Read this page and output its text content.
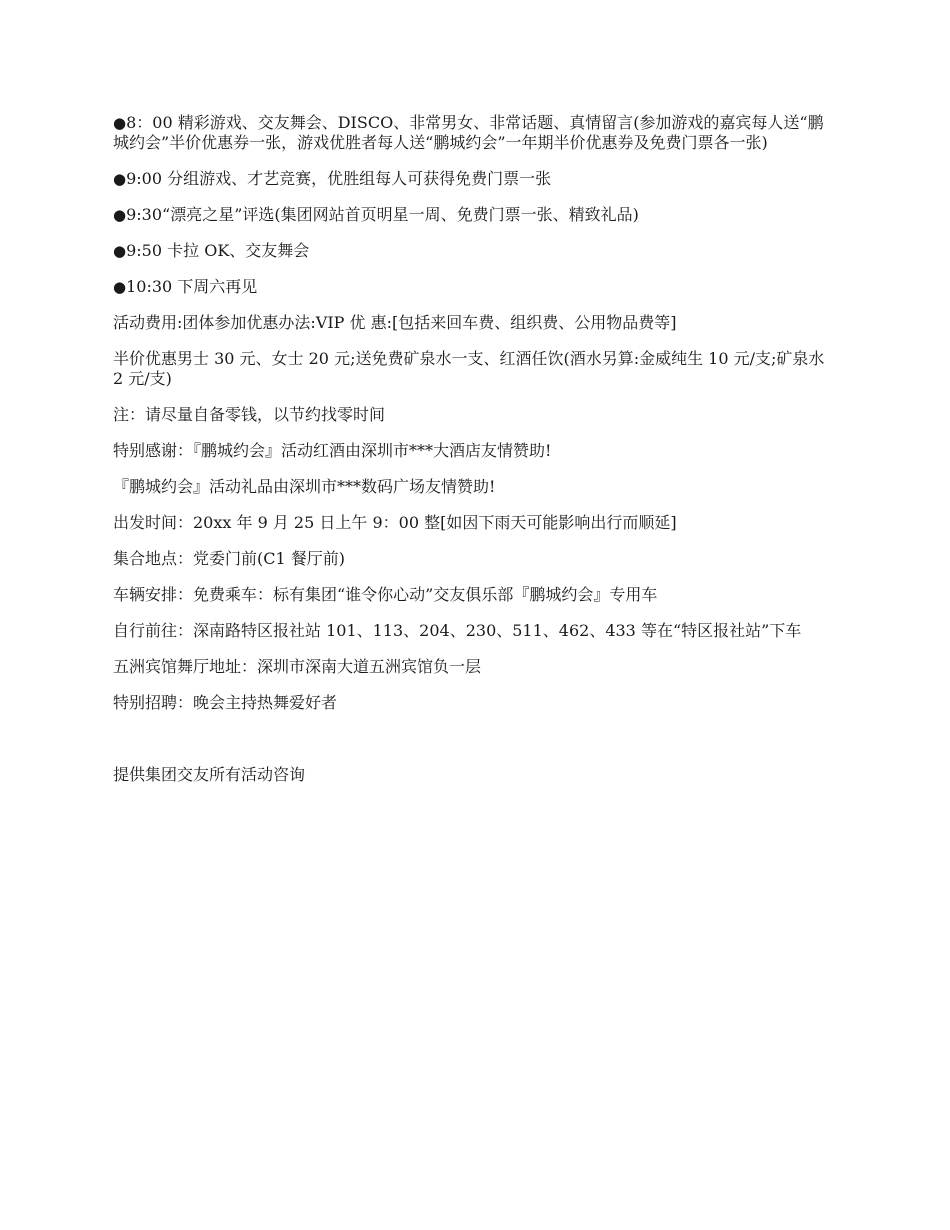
●8：00 精彩游戏、交友舞会、DISCO、非常男女、非常话题、真情留言(参加游戏的嘉宾每人送“鹏城约会”半价优惠券一张，游戏优胜者每人送“鹏城约会”一年期半价优惠券及免费门票各一张)

●9:00 分组游戏、才艺竞赛，优胜组每人可获得免费门票一张

●9:30“漂亮之星”评选(集团网站首页明星一周、免费门票一张、精致礼品)

●9:50 卡拉 OK、交友舞会

●10:30 下周六再见

活动费用:团体参加优惠办法:VIP 优 惠:[包括来回车费、组织费、公用物品费等]

半价优惠男士 30 元、女士 20 元;送免费矿泉水一支、红酒任饮(酒水另算:金威纯生 10 元/支;矿泉水 2 元/支)

注：请尽量自备零钱，以节约找零时间

特别感谢：『鹏城约会』活动红酒由深圳市***大酒店友情赞助!

『鹏城约会』活动礼品由深圳市***数码广场友情赞助!

出发时间：20xx 年 9 月 25 日上午 9：00 整[如因下雨天可能影响出行而顺延]

集合地点：党委门前(C1 餐厅前)

车辆安排：免费乘车：标有集团“谁令你心动”交友俱乐部『鹏城约会』专用车

自行前往：深南路特区报社站 101、113、204、230、511、462、433 等在“特区报社站”下车

五洲宾馆舞厅地址：深圳市深南大道五洲宾馆负一层

特别招聘：晚会主持热舞爱好者

提供集团交友所有活动咨询
